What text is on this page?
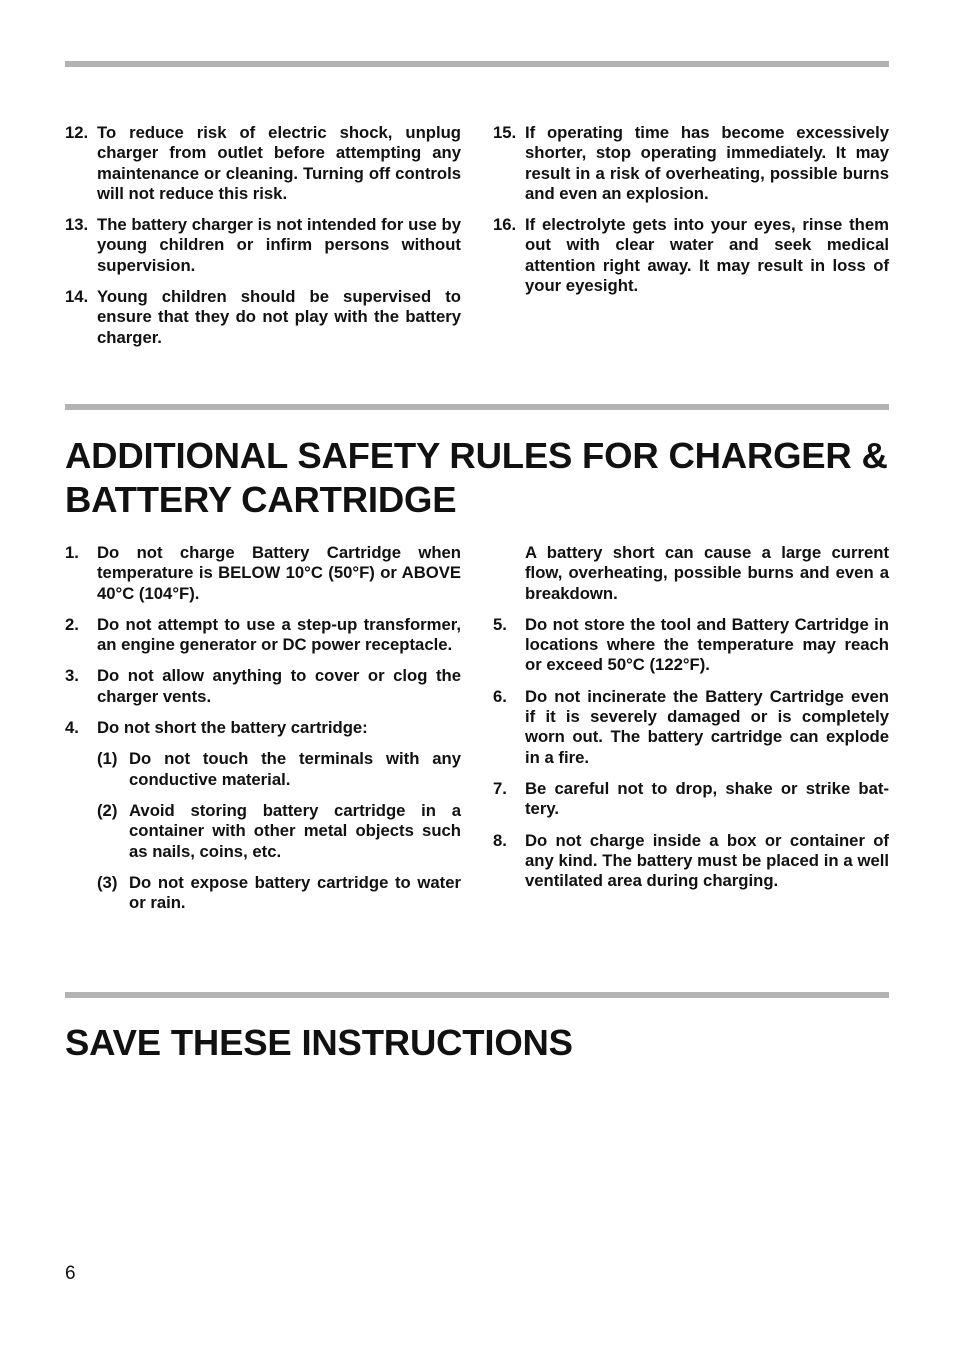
12. To reduce risk of electric shock, unplug charger from outlet before attempting any maintenance or cleaning. Turning off controls will not reduce this risk.
13. The battery charger is not intended for use by young children or infirm persons without supervision.
14. Young children should be supervised to ensure that they do not play with the battery charger.
15. If operating time has become excessively shorter, stop operating immediately. It may result in a risk of overheating, possible burns and even an explosion.
16. If electrolyte gets into your eyes, rinse them out with clear water and seek medical attention right away. It may result in loss of your eyesight.
ADDITIONAL SAFETY RULES FOR CHARGER &
BATTERY CARTRIDGE
1. Do not charge Battery Cartridge when temperature is BELOW 10°C (50°F) or ABOVE 40°C (104°F).
2. Do not attempt to use a step-up transformer, an engine generator or DC power receptacle.
3. Do not allow anything to cover or clog the charger vents.
4. Do not short the battery cartridge:
(1) Do not touch the terminals with any conductive material.
(2) Avoid storing battery cartridge in a container with other metal objects such as nails, coins, etc.
(3) Do not expose battery cartridge to water or rain.
A battery short can cause a large current flow, overheating, possible burns and even a breakdown.
5. Do not store the tool and Battery Cartridge in locations where the temperature may reach or exceed 50°C (122°F).
6. Do not incinerate the Battery Cartridge even if it is severely damaged or is completely worn out. The battery cartridge can explode in a fire.
7. Be careful not to drop, shake or strike battery.
8. Do not charge inside a box or container of any kind. The battery must be placed in a well ventilated area during charging.
SAVE THESE INSTRUCTIONS
6
